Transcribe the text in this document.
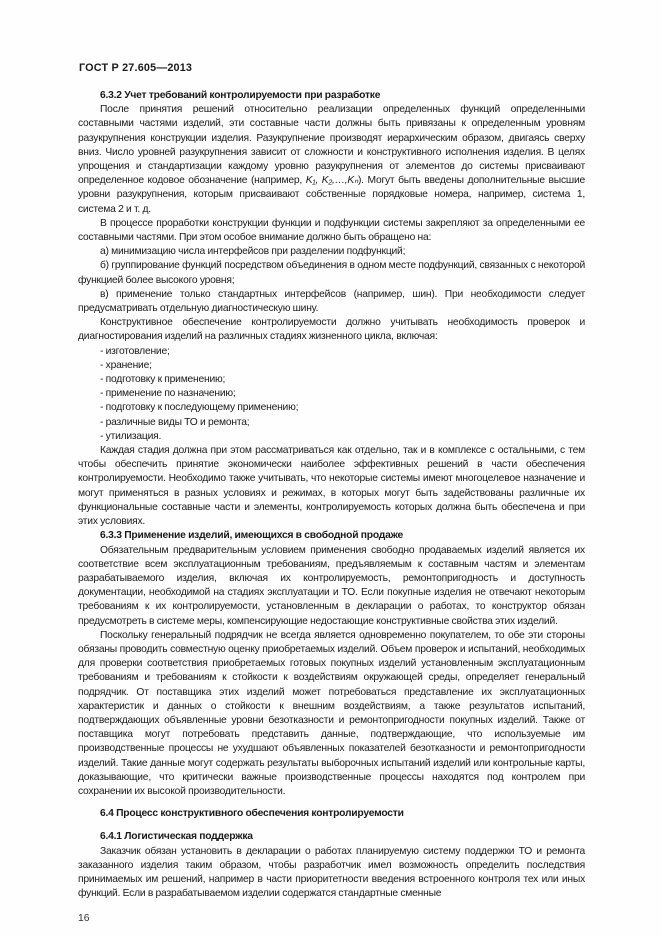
ГОСТ Р 27.605—2013

6.3.2 Учет требований контролируемости при разработке

После принятия решений относительно реализации определенных функций определенными составными частями изделий, эти составные части должны быть привязаны к определенным уровням разукрупнения конструкции изделия. Разукрупнение производят иерархическим образом, двигаясь сверху вниз. Число уровней разукрупнения зависит от сложности и конструктивного исполнения изделия. В целях упрощения и стандартизации каждому уровню разукрупнения от элементов до системы присваивают определенное кодовое обозначение (например, K₁, K₂,…,Kₙ). Могут быть введены дополнительные высшие уровни разукрупнения, которым присваивают собственные порядковые номера, например, система 1, система 2 и т. д.

В процессе проработки конструкции функции и подфункции системы закрепляют за определенными ее составными частями. При этом особое внимание должно быть обращено на:

а) минимизацию числа интерфейсов при разделении подфункций;

б) группирование функций посредством объединения в одном месте подфункций, связанных с некоторой функцией более высокого уровня;

в) применение только стандартных интерфейсов (например, шин). При необходимости следует предусматривать отдельную диагностическую шину.

Конструктивное обеспечение контролируемости должно учитывать необходимость проверок и диагностирования изделий на различных стадиях жизненного цикла, включая:

- изготовление;

- хранение;

- подготовку к применению;

- применение по назначению;

- подготовку к последующему применению;

- различные виды ТО и ремонта;

- утилизация.

Каждая стадия должна при этом рассматриваться как отдельно, так и в комплексе с остальными, с тем чтобы обеспечить принятие экономически наиболее эффективных решений в части обеспечения контролируемости. Необходимо также учитывать, что некоторые системы имеют многоцелевое назначение и могут применяться в разных условиях и режимах, в которых могут быть задействованы различные их функциональные составные части и элементы, контролируемость которых должна быть обеспечена и при этих условиях.

6.3.3 Применение изделий, имеющихся в свободной продаже

Обязательным предварительным условием применения свободно продаваемых изделий является их соответствие всем эксплуатационным требованиям, предъявляемым к составным частям и элементам разрабатываемого изделия, включая их контролируемость, ремонтопригодность и доступность документации, необходимой на стадиях эксплуатации и ТО. Если покупные изделия не отвечают некоторым требованиям к их контролируемости, установленным в декларации о работах, то конструктор обязан предусмотреть в системе меры, компенсирующие недостающие конструктивные свойства этих изделий.

Поскольку генеральный подрядчик не всегда является одновременно покупателем, то обе эти стороны обязаны проводить совместную оценку приобретаемых изделий. Объем проверок и испытаний, необходимых для проверки соответствия приобретаемых готовых покупных изделий установленным эксплуатационным требованиям и требованиям к стойкости к воздействиям окружающей среды, определяет генеральный подрядчик. От поставщика этих изделий может потребоваться представление их эксплуатационных характеристик и данных о стойкости к внешним воздействиям, а также результатов испытаний, подтверждающих объявленные уровни безотказности и ремонтопригодности покупных изделий. Также от поставщика могут потребовать представить данные, подтверждающие, что используемые им производственные процессы не ухудшают объявленных показателей безотказности и ремонтопригодности изделий. Такие данные могут содержать результаты выборочных испытаний изделий или контрольные карты, доказывающие, что критически важные производственные процессы находятся под контролем при сохранении их высокой производительности.

6.4 Процесс конструктивного обеспечения контролируемости

6.4.1 Логистическая поддержка

Заказчик обязан установить в декларации о работах планируемую систему поддержки ТО и ремонта заказанного изделия таким образом, чтобы разработчик имел возможность определить последствия принимаемых им решений, например в части приоритетности введения встроенного контроля тех или иных функций. Если в разрабатываемом изделии содержатся стандартные сменные

16
